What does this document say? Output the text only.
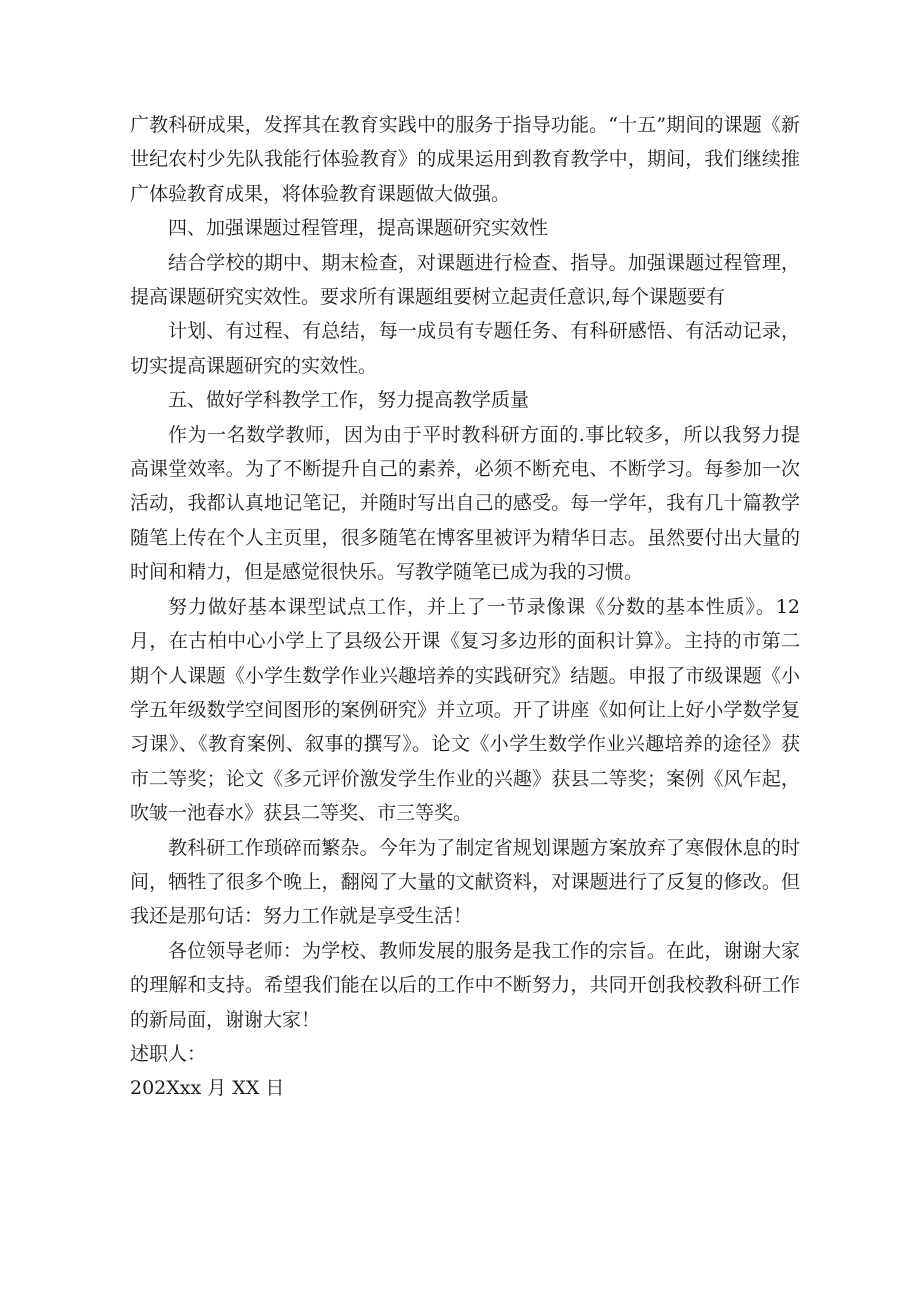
广教科研成果，发挥其在教育实践中的服务于指导功能。“十五”期间的课题《新世纪农村少先队我能行体验教育》的成果运用到教育教学中，期间，我们继续推广体验教育成果，将体验教育课题做大做强。

四、加强课题过程管理，提高课题研究实效性

结合学校的期中、期末检查，对课题进行检查、指导。加强课题过程管理，提高课题研究实效性。要求所有课题组要树立起责任意识,每个课题要有

计划、有过程、有总结，每一成员有专题任务、有科研感悟、有活动记录，切实提高课题研究的实效性。

五、做好学科教学工作，努力提高教学质量

作为一名数学教师，因为由于平时教科研方面的.事比较多，所以我努力提高课堂效率。为了不断提升自己的素养，必须不断充电、不断学习。每参加一次活动，我都认真地记笔记，并随时写出自己的感受。每一学年，我有几十篇教学随笔上传在个人主页里，很多随笔在博客里被评为精华日志。虽然要付出大量的时间和精力，但是感觉很快乐。写教学随笔已成为我的习惯。

努力做好基本课型试点工作，并上了一节录像课《分数的基本性质》。12月，在古柏中心小学上了县级公开课《复习多边形的面积计算》。主持的市第二期个人课题《小学生数学作业兴趣培养的实践研究》结题。申报了市级课题《小学五年级数学空间图形的案例研究》并立项。开了讲座《如何让上好小学数学复习课》、《教育案例、叙事的撰写》。论文《小学生数学作业兴趣培养的途径》获市二等奖；论文《多元评价激发学生作业的兴趣》获县二等奖；案例《风乍起，吹皱一池春水》获县二等奖、市三等奖。

教科研工作琐碎而繁杂。今年为了制定省规划课题方案放弃了寒假休息的时间，牺牲了很多个晚上，翻阅了大量的文献资料，对课题进行了反复的修改。但我还是那句话：努力工作就是享受生活！

各位领导老师：为学校、教师发展的服务是我工作的宗旨。在此，谢谢大家的理解和支持。希望我们能在以后的工作中不断努力，共同开创我校教科研工作的新局面，谢谢大家！

述职人：

202Xxx 月 XX 日
